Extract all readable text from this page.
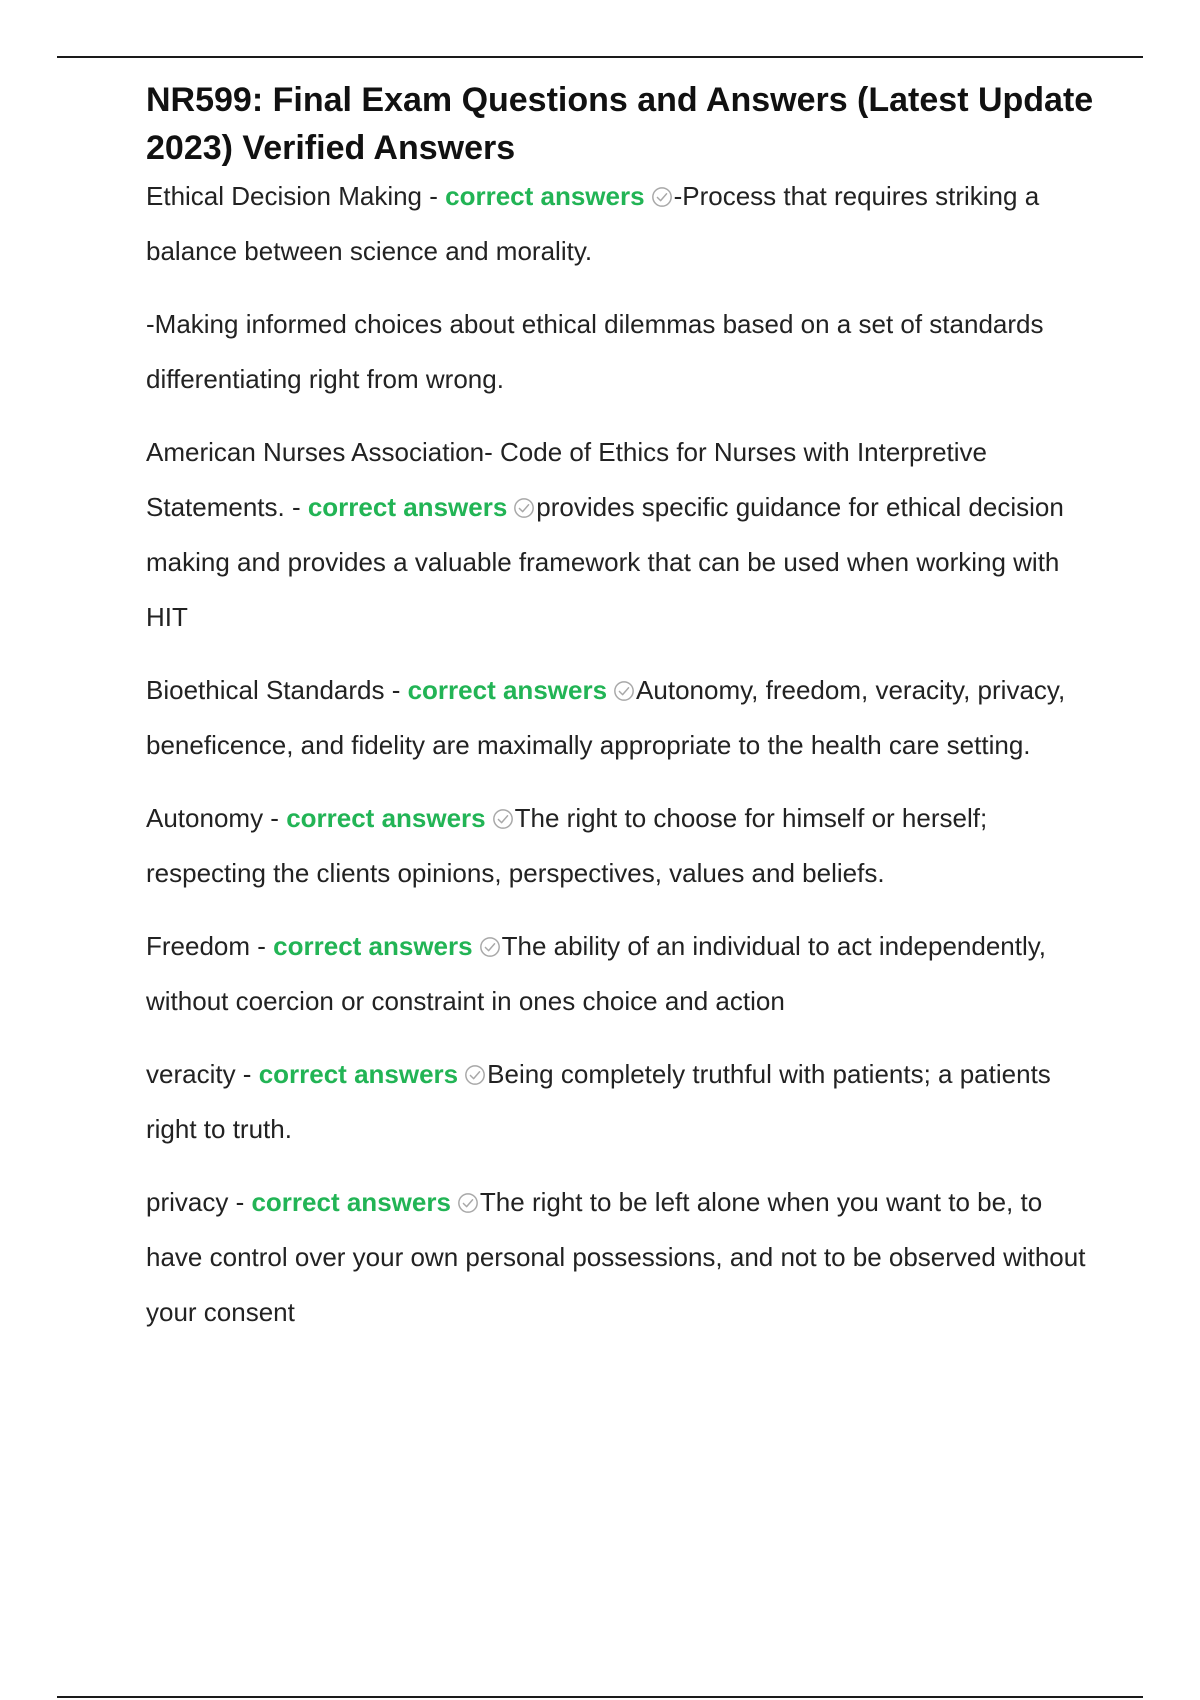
NR599: Final Exam Questions and Answers (Latest Update 2023) Verified Answers

Ethical Decision Making - correct answers -Process that requires striking a balance between science and morality.

-Making informed choices about ethical dilemmas based on a set of standards differentiating right from wrong.

American Nurses Association- Code of Ethics for Nurses with Interpretive Statements. - correct answers provides specific guidance for ethical decision making and provides a valuable framework that can be used when working with HIT

Bioethical Standards - correct answers Autonomy, freedom, veracity, privacy, beneficence, and fidelity are maximally appropriate to the health care setting.

Autonomy - correct answers The right to choose for himself or herself; respecting the clients opinions, perspectives, values and beliefs.

Freedom - correct answers The ability of an individual to act independently, without coercion or constraint in ones choice and action

veracity - correct answers Being completely truthful with patients; a patients right to truth.

privacy - correct answers The right to be left alone when you want to be, to have control over your own personal possessions, and not to be observed without your consent
